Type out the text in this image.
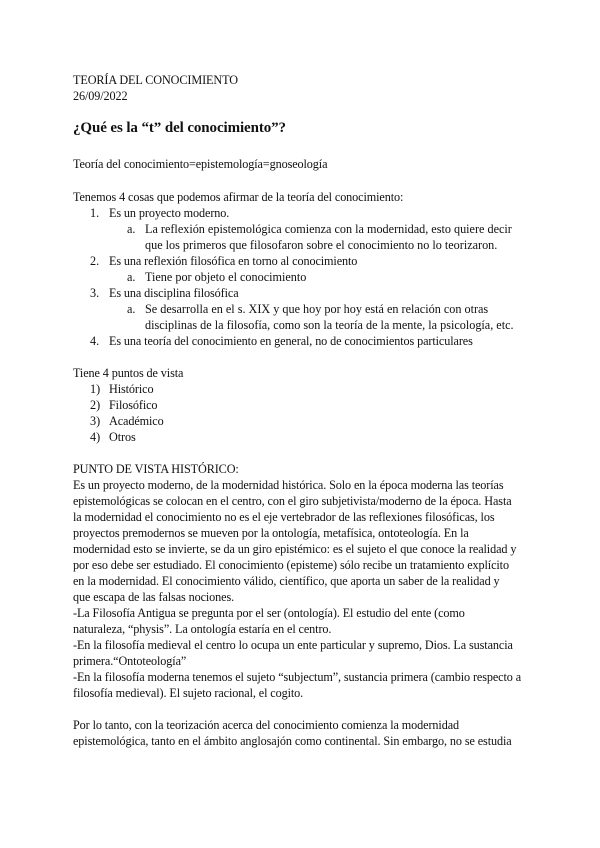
TEORÍA DEL CONOCIMIENTO
26/09/2022
¿Qué es la “t” del conocimiento”?
Teoría del conocimiento=epistemología=gnoseología
Tenemos 4 cosas que podemos afirmar de la teoría del conocimiento:
1. Es un proyecto moderno.
a. La reflexión epistemológica comienza con la modernidad, esto quiere decir
que los primeros que filosofaron sobre el conocimiento no lo teorizaron.
2. Es una reflexión filosófica en torno al conocimiento
a. Tiene por objeto el conocimiento
3. Es una disciplina filosófica
a. Se desarrolla en el s. XIX y que hoy por hoy está en relación con otras
disciplinas de la filosofía, como son la teoría de la mente, la psicología, etc.
4. Es una teoría del conocimiento en general, no de conocimientos particulares
Tiene 4 puntos de vista
1) Histórico
2) Filosófico
3) Académico
4) Otros
PUNTO DE VISTA HISTÓRICO:
Es un proyecto moderno, de la modernidad histórica. Solo en la época moderna las teorías
epistemológicas se colocan en el centro, con el giro subjetivista/moderno de la época. Hasta
la modernidad el conocimiento no es el eje vertebrador de las reflexiones filosóficas, los
proyectos premodernos se mueven por la ontología, metafísica, ontoteología. En la
modernidad esto se invierte, se da un giro epistémico: es el sujeto el que conoce la realidad y
por eso debe ser estudiado. El conocimiento (episteme) sólo recibe un tratamiento explícito
en la modernidad. El conocimiento válido, científico, que aporta un saber de la realidad y
que escapa de las falsas nociones.
-La Filosofía Antigua se pregunta por el ser (ontología). El estudio del ente (como
naturaleza, “physis”. La ontología estaría en el centro.
-En la filosofía medieval el centro lo ocupa un ente particular y supremo, Dios. La sustancia
primera.“Ontoteología”
-En la filosofía moderna tenemos el sujeto “subjectum”, sustancia primera (cambio respecto a
filosofía medieval). El sujeto racional, el cogito.
Por lo tanto, con la teorización acerca del conocimiento comienza la modernidad
epistemológica, tanto en el ámbito anglosajón como continental. Sin embargo, no se estudia
